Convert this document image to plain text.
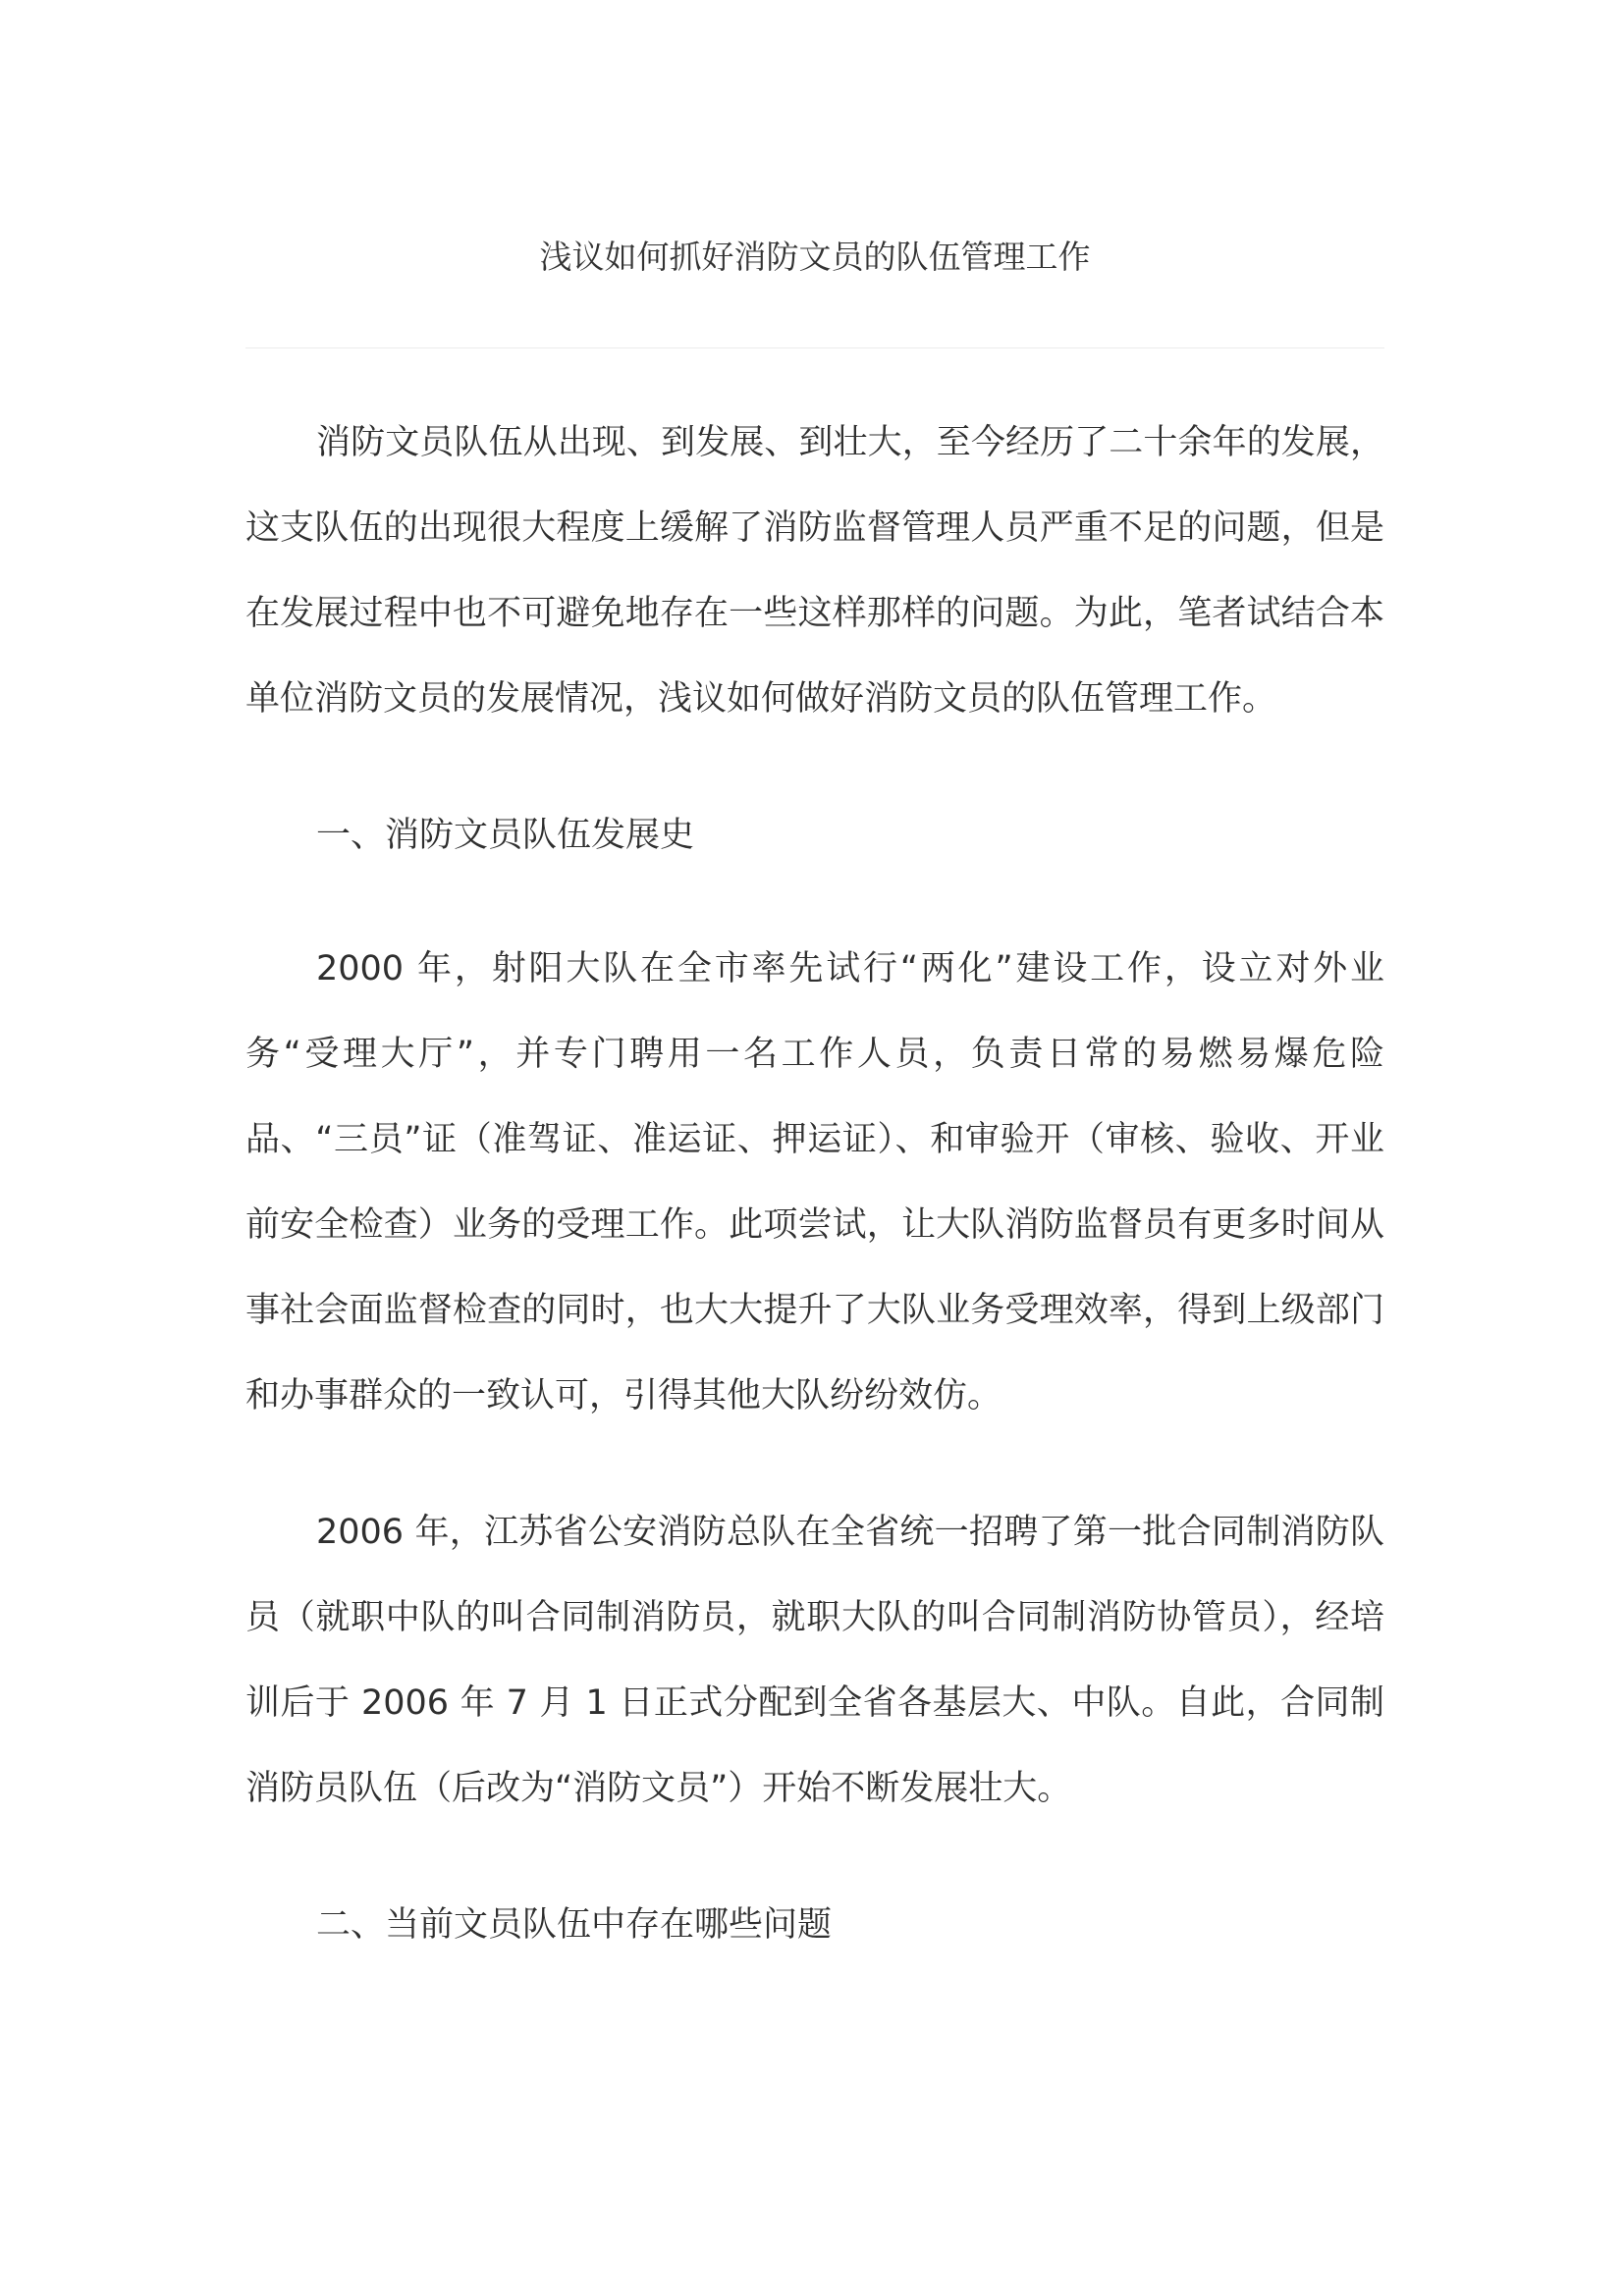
浅议如何抓好消防文员的队伍管理工作

消防文员队伍从出现、到发展、到壮大，至今经历了二十余年的发展，这支队伍的出现很大程度上缓解了消防监督管理人员严重不足的问题，但是在发展过程中也不可避免地存在一些这样那样的问题。为此，笔者试结合本单位消防文员的发展情况，浅议如何做好消防文员的队伍管理工作。

一、消防文员队伍发展史

2000 年，射阳大队在全市率先试行“两化”建设工作，设立对外业务“受理大厅”，并专门聘用一名工作人员，负责日常的易燃易爆危险品、“三员”证（准驾证、准运证、押运证）、和审验开（审核、验收、开业前安全检查）业务的受理工作。此项尝试，让大队消防监督员有更多时间从事社会面监督检查的同时，也大大提升了大队业务受理效率，得到上级部门和办事群众的一致认可，引得其他大队纷纷效仿。

2006 年，江苏省公安消防总队在全省统一招聘了第一批合同制消防队员（就职中队的叫合同制消防员，就职大队的叫合同制消防协管员），经培训后于 2006 年 7 月 1 日正式分配到全省各基层大、中队。自此，合同制消防员队伍（后改为“消防文员”）开始不断发展壮大。

二、当前文员队伍中存在哪些问题
